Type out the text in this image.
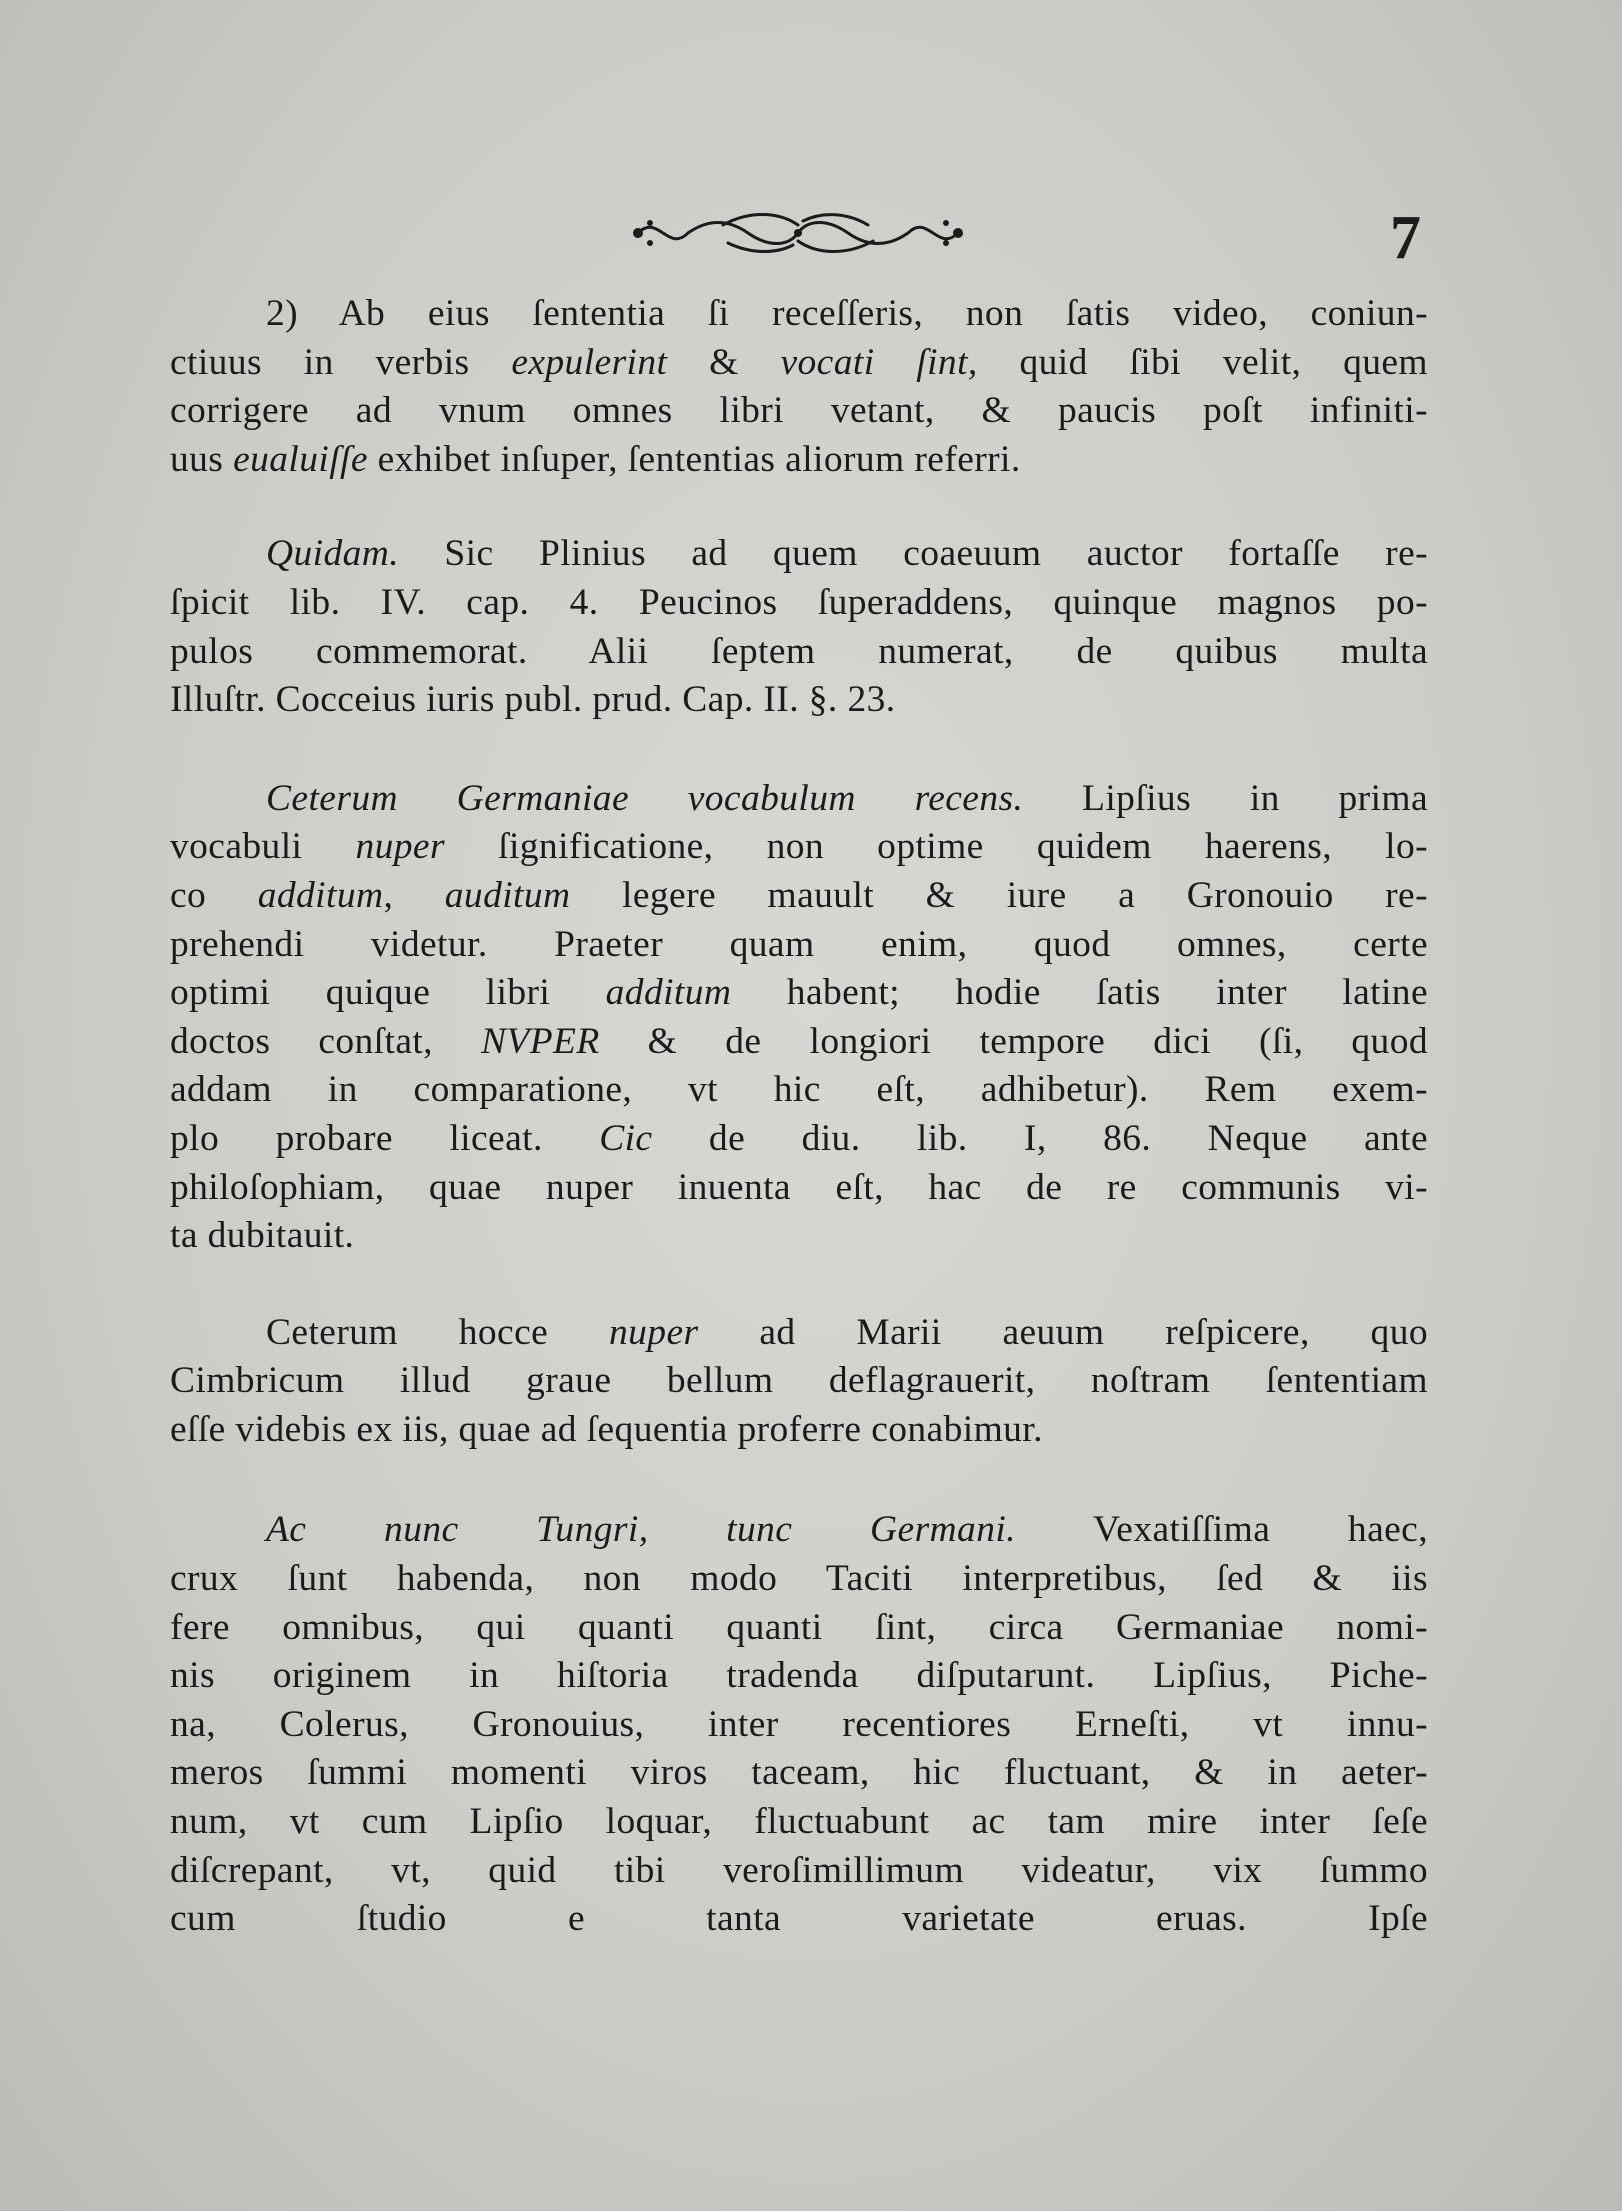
7
2) Ab eius ſententia ſi receſſeris, non ſatis video, coniun-
ctiuus in verbis expulerint & vocati ſint, quid ſibi velit, quem
corrigere ad vnum omnes libri vetant, & paucis poſt infiniti-
uus eualuiſſe exhibet inſuper, ſententias aliorum referri.
Quidam. Sic Plinius ad quem coaeuum auctor fortaſſe re-
ſpicit lib. IV. cap. 4. Peucinos ſuperaddens, quinque magnos po-
pulos commemorat. Alii ſeptem numerat, de quibus multa
Illuſtr. Cocceius iuris publ. prud. Cap. II. §. 23.
Ceterum Germaniae vocabulum recens. Lipſius in prima
vocabuli nuper ſignificatione, non optime quidem haerens, lo-
co additum, auditum legere mauult & iure a Gronouio re-
prehendi videtur. Praeter quam enim, quod omnes, certe
optimi quique libri additum habent; hodie ſatis inter latine
doctos conſtat, NVPER & de longiori tempore dici (ſi, quod
addam in comparatione, vt hic eſt, adhibetur). Rem exem-
plo probare liceat. Cic de diu. lib. I, 86. Neque ante
philoſophiam, quae nuper inuenta eſt, hac de re communis vi-
ta dubitauit.
Ceterum hocce nuper ad Marii aeuum reſpicere, quo
Cimbricum illud graue bellum deflagrauerit, noſtram ſententiam
eſſe videbis ex iis, quae ad ſequentia proferre conabimur.
Ac nunc Tungri, tunc Germani. Vexatiſſima haec,
crux ſunt habenda, non modo Taciti interpretibus, ſed & iis
fere omnibus, qui quanti quanti ſint, circa Germaniae nomi-
nis originem in hiſtoria tradenda diſputarunt. Lipſius, Piche-
na, Colerus, Gronouius, inter recentiores Erneſti, vt innu-
meros ſummi momenti viros taceam, hic fluctuant, & in aeter-
num, vt cum Lipſio loquar, fluctuabunt ac tam mire inter ſeſe
diſcrepant, vt, quid tibi veroſimillimum videatur, vix ſummo
cum ſtudio e tanta varietate eruas. Ipſe
